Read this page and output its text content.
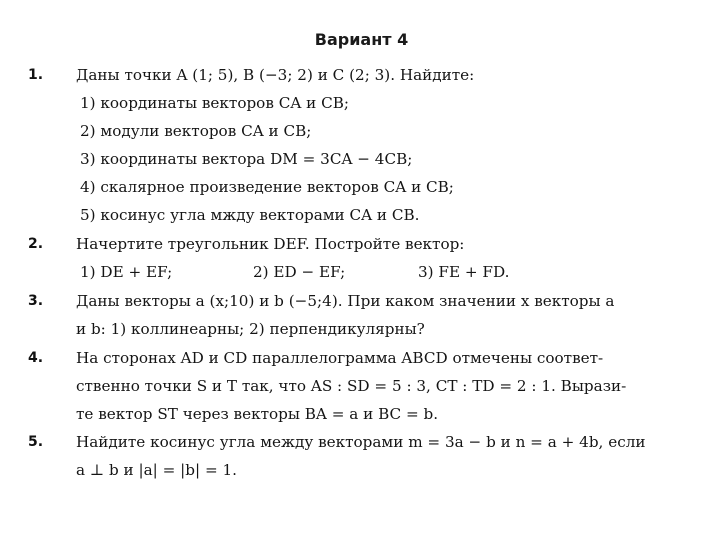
Вариант 4
1. Даны точки A (1; 5), B (−3; 2) и C (2; 3). Найдите:
1) координаты векторов CA и CB;
2) модули векторов CA и CB;
3) координаты вектора DM = 3CA − 4CB;
4) скалярное произведение векторов CA и CB;
5) косинус угла мжду векторами CA и CB.
2. Начертите треугольник DEF. Постройте вектор:
1) DE + EF;	2) ED − EF;	3) FE + FD.
3. Даны векторы a (x;10) и b (−5;4). При каком значении x векторы a
и b: 1) коллинеарны; 2) перпендикулярны?
4. На сторонах AD и CD параллелограмма ABCD отмечены соответ-
ственно точки S и T так, что AS : SD = 5 : 3, CT : TD = 2 : 1. Вырази-
те вектор ST через векторы BA = a и BC = b.
5. Найдите косинус угла между векторами m = 3a − b и n = a + 4b, если
a ⊥ b и |a| = |b| = 1.
